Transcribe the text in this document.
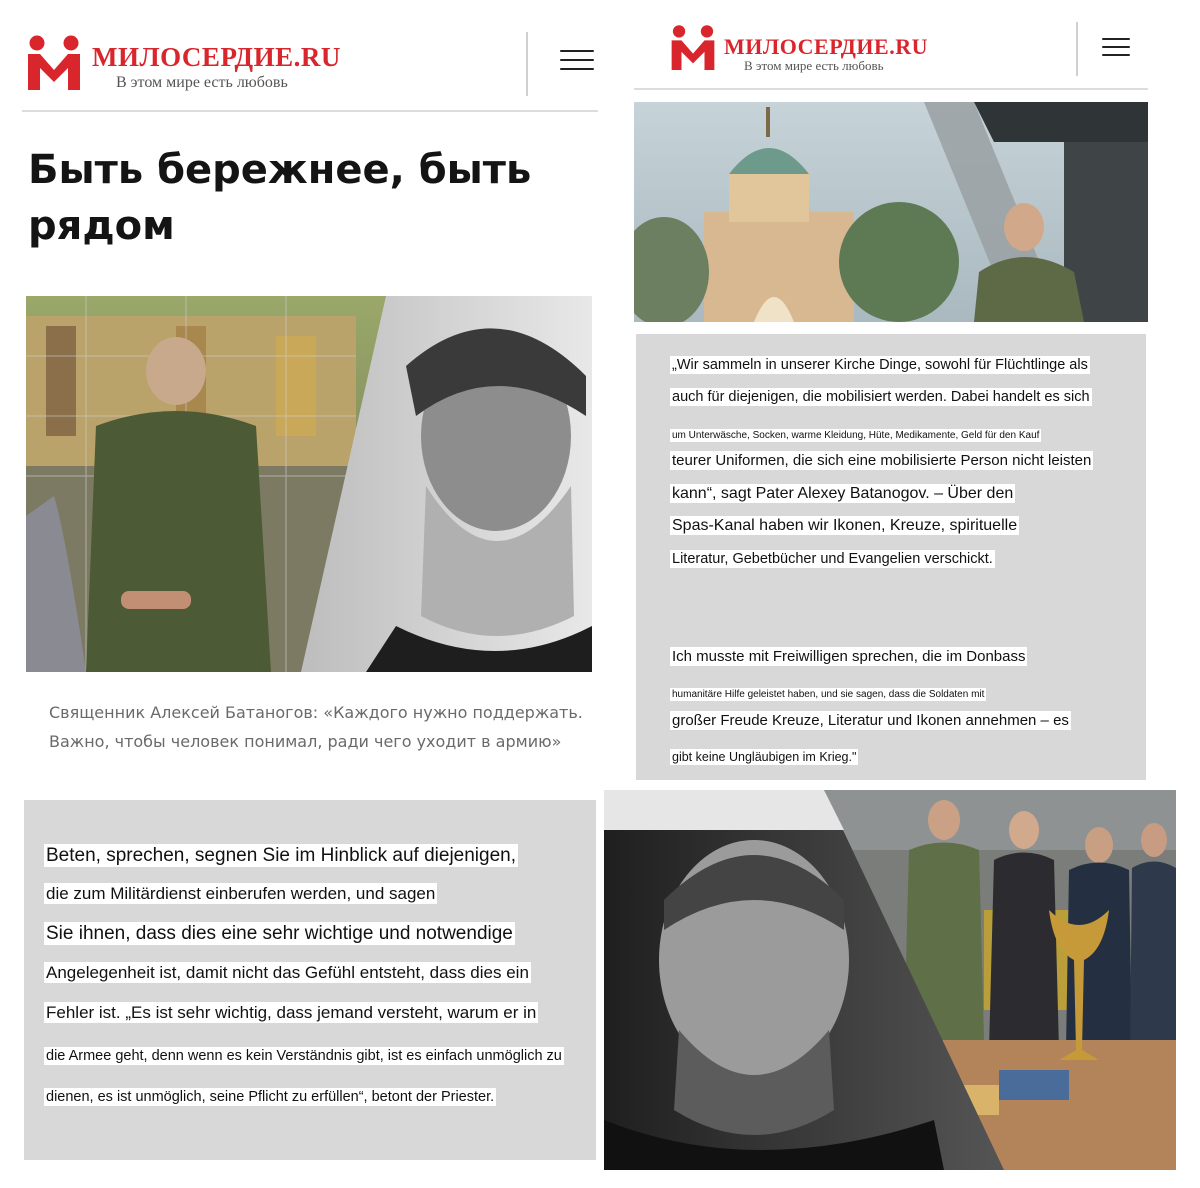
МИЛОСЕРДИЕ.RU
В этом мире есть любовь
Быть бережнее, быть
рядом
Священник Алексей Батаногов: «Каждого нужно поддержать.
Важно, чтобы человек понимал, ради чего уходит в армию»
МИЛОСЕРДИЕ.RU
В этом мире есть любовь
„Wir sammeln in unserer Kirche Dinge, sowohl für Flüchtlinge als
auch für diejenigen, die mobilisiert werden. Dabei handelt es sich
um Unterwäsche, Socken, warme Kleidung, Hüte, Medikamente, Geld für den Kauf
teurer Uniformen, die sich eine mobilisierte Person nicht leisten
kann“, sagt Pater Alexey Batanogov. – Über den
Spas-Kanal haben wir Ikonen, Kreuze, spirituelle
Literatur, Gebetbücher und Evangelien verschickt.
Ich musste mit Freiwilligen sprechen, die im Donbass
humanitäre Hilfe geleistet haben, und sie sagen, dass die Soldaten mit
großer Freude Kreuze, Literatur und Ikonen annehmen – es
gibt keine Ungläubigen im Krieg."
Beten, sprechen, segnen Sie im Hinblick auf diejenigen,
die zum Militärdienst einberufen werden, und sagen
Sie ihnen, dass dies eine sehr wichtige und notwendige
Angelegenheit ist, damit nicht das Gefühl entsteht, dass dies ein
Fehler ist. „Es ist sehr wichtig, dass jemand versteht, warum er in
die Armee geht, denn wenn es kein Verständnis gibt, ist es einfach unmöglich zu
dienen, es ist unmöglich, seine Pflicht zu erfüllen“, betont der Priester.
